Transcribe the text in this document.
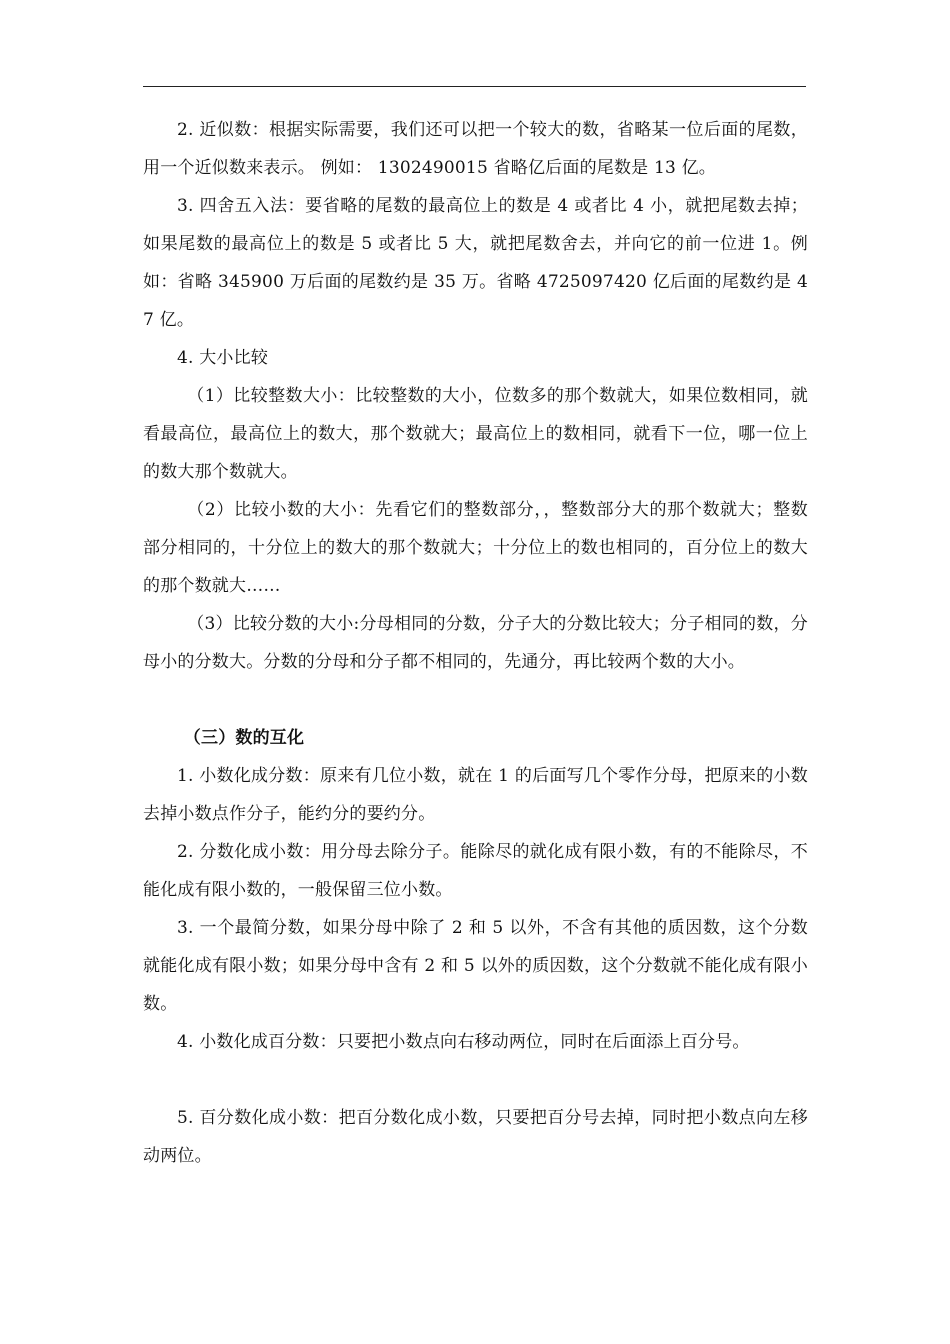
2. 近似数：根据实际需要，我们还可以把一个较大的数，省略某一位后面的尾数，用一个近似数来表示。 例如： 1302490015 省略亿后面的尾数是 13 亿。

3. 四舍五入法：要省略的尾数的最高位上的数是 4 或者比 4 小，就把尾数去掉；如果尾数的最高位上的数是 5 或者比 5 大，就把尾数舍去，并向它的前一位进 1。例如：省略 345900 万后面的尾数约是 35 万。省略 4725097420 亿后面的尾数约是 47 亿。

4. 大小比较

（1）比较整数大小：比较整数的大小，位数多的那个数就大，如果位数相同，就看最高位，最高位上的数大，那个数就大；最高位上的数相同，就看下一位，哪一位上的数大那个数就大。

（2）比较小数的大小：先看它们的整数部分，，整数部分大的那个数就大；整数部分相同的，十分位上的数大的那个数就大；十分位上的数也相同的，百分位上的数大的那个数就大……

（3）比较分数的大小:分母相同的分数，分子大的分数比较大；分子相同的数，分母小的分数大。分数的分母和分子都不相同的，先通分，再比较两个数的大小。

（三）数的互化

1. 小数化成分数：原来有几位小数，就在 1 的后面写几个零作分母，把原来的小数去掉小数点作分子，能约分的要约分。

2. 分数化成小数：用分母去除分子。能除尽的就化成有限小数，有的不能除尽，不能化成有限小数的，一般保留三位小数。

3. 一个最简分数，如果分母中除了 2 和 5 以外，不含有其他的质因数，这个分数就能化成有限小数；如果分母中含有 2 和 5 以外的质因数，这个分数就不能化成有限小数。

4. 小数化成百分数：只要把小数点向右移动两位，同时在后面添上百分号。

5. 百分数化成小数：把百分数化成小数，只要把百分号去掉，同时把小数点向左移动两位。
